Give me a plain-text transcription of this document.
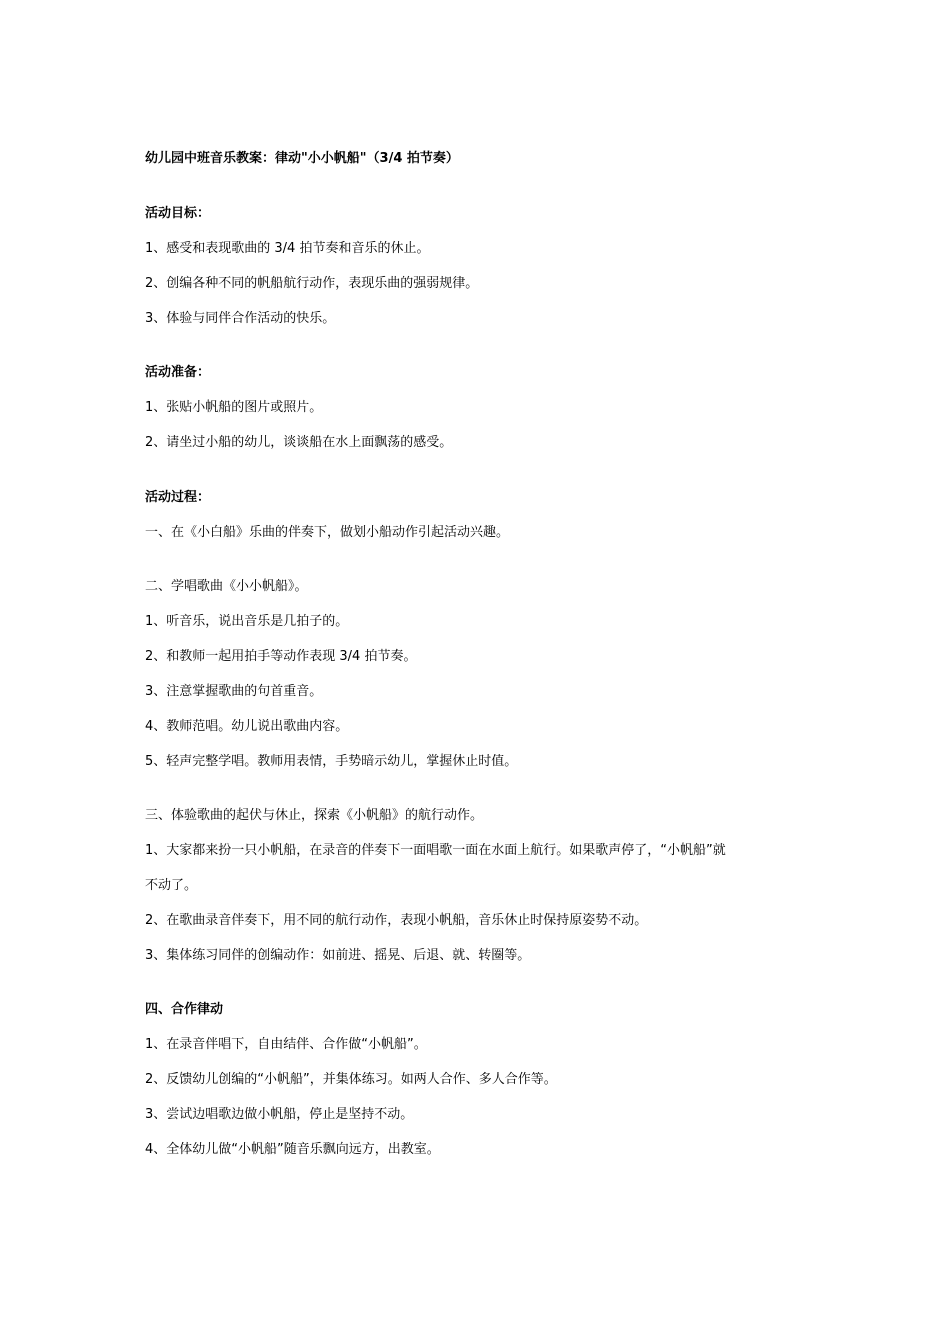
幼儿园中班音乐教案：律动"小小帆船"（3/4 拍节奏）
活动目标：
1、感受和表现歌曲的 3/4 拍节奏和音乐的休止。
2、创编各种不同的帆船航行动作，表现乐曲的强弱规律。
3、体验与同伴合作活动的快乐。
活动准备：
1、张贴小帆船的图片或照片。
2、请坐过小船的幼儿，谈谈船在水上面飘荡的感受。
活动过程：
一、在《小白船》乐曲的伴奏下，做划小船动作引起活动兴趣。
二、学唱歌曲《小小帆船》。
1、听音乐，说出音乐是几拍子的。
2、和教师一起用拍手等动作表现 3/4 拍节奏。
3、注意掌握歌曲的句首重音。
4、教师范唱。幼儿说出歌曲内容。
5、轻声完整学唱。教师用表情，手势暗示幼儿，掌握休止时值。
三、体验歌曲的起伏与休止，探索《小帆船》的航行动作。
1、大家都来扮一只小帆船，在录音的伴奏下一面唱歌一面在水面上航行。如果歌声停了，“小帆船”就
不动了。
2、在歌曲录音伴奏下，用不同的航行动作，表现小帆船，音乐休止时保持原姿势不动。
3、集体练习同伴的创编动作：如前进、摇晃、后退、就、转圈等。
四、合作律动
1、在录音伴唱下，自由结伴、合作做“小帆船”。
2、反馈幼儿创编的“小帆船”，并集体练习。如两人合作、多人合作等。
3、尝试边唱歌边做小帆船，停止是坚持不动。
4、全体幼儿做“小帆船”随音乐飘向远方，出教室。
